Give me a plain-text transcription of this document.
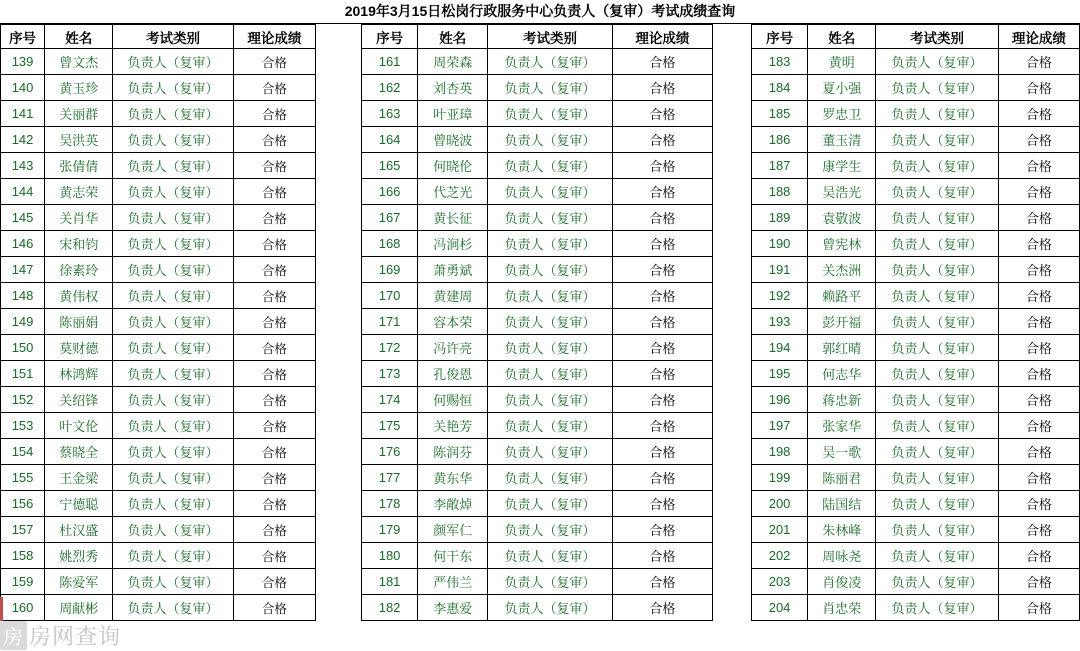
2019年3月15日松岗行政服务中心负责人（复审）考试成绩查询
序号	姓名	考试类别	理论成绩
139	曾文杰	负责人（复审）	合格
140	黄玉珍	负责人（复审）	合格
141	关丽群	负责人（复审）	合格
142	吴洪英	负责人（复审）	合格
143	张倩倩	负责人（复审）	合格
144	黄志荣	负责人（复审）	合格
145	关肖华	负责人（复审）	合格
146	宋和钧	负责人（复审）	合格
147	徐素玲	负责人（复审）	合格
148	黄伟权	负责人（复审）	合格
149	陈丽娟	负责人（复审）	合格
150	莫财德	负责人（复审）	合格
151	林鸿辉	负责人（复审）	合格
152	关绍锋	负责人（复审）	合格
153	叶文伦	负责人（复审）	合格
154	蔡晓全	负责人（复审）	合格
155	王金梁	负责人（复审）	合格
156	宁德聪	负责人（复审）	合格
157	杜汉盛	负责人（复审）	合格
158	姚烈秀	负责人（复审）	合格
159	陈爱军	负责人（复审）	合格
160	周献彬	负责人（复审）	合格
序号	姓名	考试类别	理论成绩
161	周荣森	负责人（复审）	合格
162	刘杏英	负责人（复审）	合格
163	叶亚璋	负责人（复审）	合格
164	曾晓波	负责人（复审）	合格
165	何晓伦	负责人（复审）	合格
166	代芝光	负责人（复审）	合格
167	黄长征	负责人（复审）	合格
168	冯涧杉	负责人（复审）	合格
169	萧勇斌	负责人（复审）	合格
170	黄建周	负责人（复审）	合格
171	容本荣	负责人（复审）	合格
172	冯许亮	负责人（复审）	合格
173	孔俊恩	负责人（复审）	合格
174	何赐恒	负责人（复审）	合格
175	关艳芳	负责人（复审）	合格
176	陈润芬	负责人（复审）	合格
177	黄东华	负责人（复审）	合格
178	李敞焯	负责人（复审）	合格
179	颜军仁	负责人（复审）	合格
180	何干东	负责人（复审）	合格
181	严伟兰	负责人（复审）	合格
182	李惠爱	负责人（复审）	合格
序号	姓名	考试类别	理论成绩
183	黄明	负责人（复审）	合格
184	夏小强	负责人（复审）	合格
185	罗忠卫	负责人（复审）	合格
186	董玉清	负责人（复审）	合格
187	康学生	负责人（复审）	合格
188	吴浩光	负责人（复审）	合格
189	袁敬波	负责人（复审）	合格
190	曾宪林	负责人（复审）	合格
191	关杰洲	负责人（复审）	合格
192	赖路平	负责人（复审）	合格
193	彭开福	负责人（复审）	合格
194	郭红晴	负责人（复审）	合格
195	何志华	负责人（复审）	合格
196	蒋忠新	负责人（复审）	合格
197	张家华	负责人（复审）	合格
198	吴一歌	负责人（复审）	合格
199	陈丽君	负责人（复审）	合格
200	陆国结	负责人（复审）	合格
201	朱林峰	负责人（复审）	合格
202	周咏尧	负责人（复审）	合格
203	肖俊凌	负责人（复审）	合格
204	肖忠荣	负责人（复审）	合格
房 房网查询
